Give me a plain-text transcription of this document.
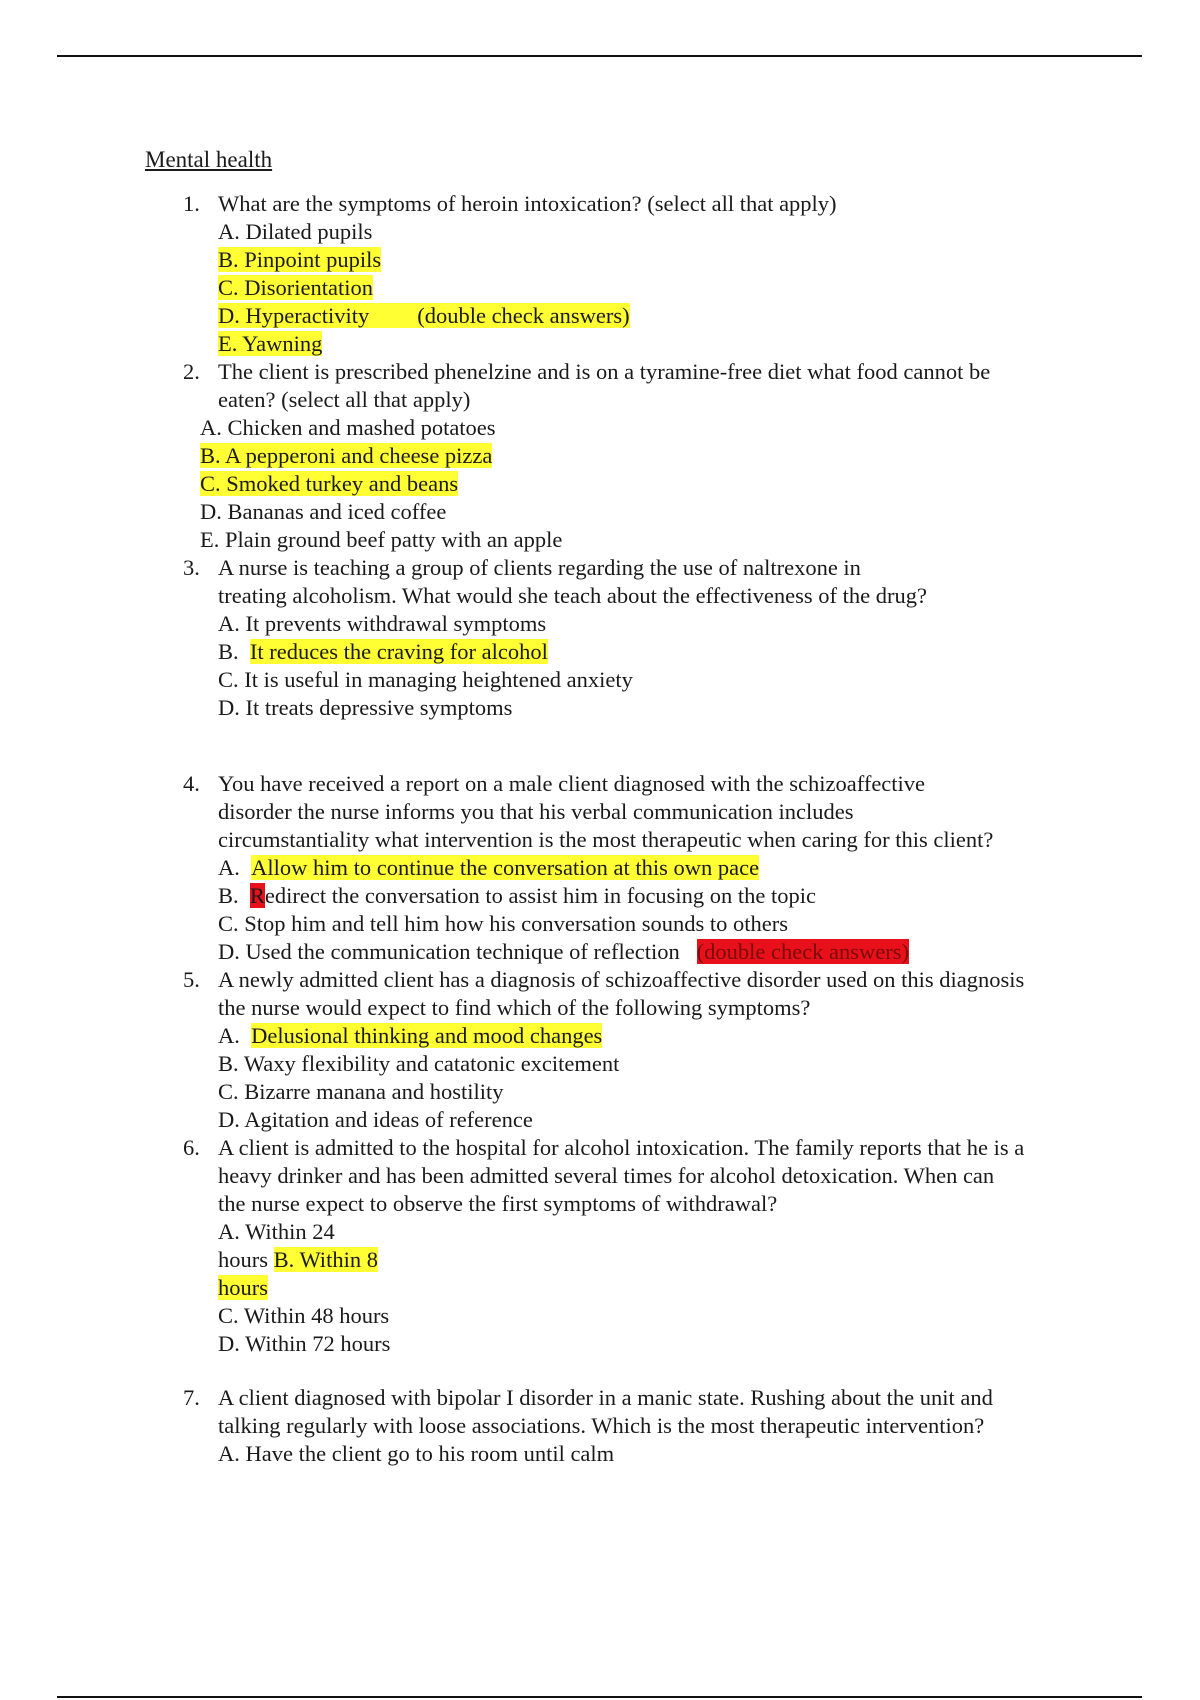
Mental health
1. What are the symptoms of heroin intoxication? (select all that apply)
A. Dilated pupils
B. Pinpoint pupils
C. Disorientation
D. Hyperactivity (double check answers)
E. Yawning
2. The client is prescribed phenelzine and is on a tyramine-free diet what food cannot be
eaten? (select all that apply)
A. Chicken and mashed potatoes
B. A pepperoni and cheese pizza
C. Smoked turkey and beans
D. Bananas and iced coffee
E. Plain ground beef patty with an apple
3. A nurse is teaching a group of clients regarding the use of naltrexone in
treating alcoholism. What would she teach about the effectiveness of the drug?
A. It prevents withdrawal symptoms
B. It reduces the craving for alcohol
C. It is useful in managing heightened anxiety
D. It treats depressive symptoms
4. You have received a report on a male client diagnosed with the schizoaffective
disorder the nurse informs you that his verbal communication includes
circumstantiality what intervention is the most therapeutic when caring for this client?
A. Allow him to continue the conversation at this own pace
B. Redirect the conversation to assist him in focusing on the topic
C. Stop him and tell him how his conversation sounds to others
D. Used the communication technique of reflection (double check answers)
5. A newly admitted client has a diagnosis of schizoaffective disorder used on this diagnosis
the nurse would expect to find which of the following symptoms?
A. Delusional thinking and mood changes
B. Waxy flexibility and catatonic excitement
C. Bizarre manana and hostility
D. Agitation and ideas of reference
6. A client is admitted to the hospital for alcohol intoxication. The family reports that he is a
heavy drinker and has been admitted several times for alcohol detoxication. When can
the nurse expect to observe the first symptoms of withdrawal?
A. Within 24
hours B. Within 8
hours
C. Within 48 hours
D. Within 72 hours
7. A client diagnosed with bipolar I disorder in a manic state. Rushing about the unit and
talking regularly with loose associations. Which is the most therapeutic intervention?
A. Have the client go to his room until calm
